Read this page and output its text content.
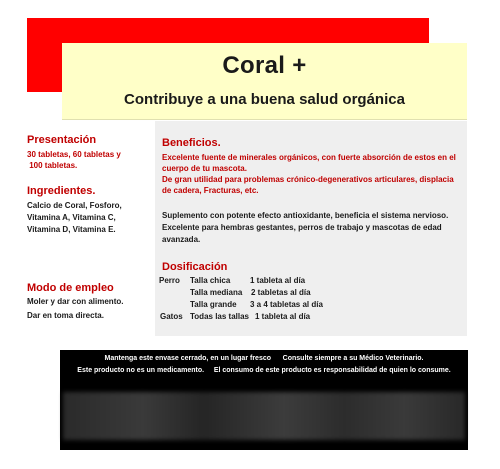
Coral +
Contribuye a una buena salud orgánica
Presentación
30 tabletas, 60 tabletas y
100 tabletas.
Ingredientes.
Calcio de Coral, Fosforo,
Vitamina A, Vitamina C,
Vitamina D, Vitamina E.
Modo de empleo
Moler y dar con alimento.
Dar en toma directa.
Beneficios.
Excelente fuente de minerales orgánicos, con fuerte absorción de estos en el
cuerpo de tu mascota.
De gran utilidad para problemas crónico-degenerativos articulares, displacia
de cadera, Fracturas, etc.
Suplemento con potente efecto antioxidante, beneficia el sistema nervioso.
Excelente para hembras gestantes, perros de trabajo y mascotas de edad
avanzada.
Dosificación
Perro Talla chica 1 tableta al día
Talla mediana 2 tabletas al día
Talla grande 3 a 4 tabletas al día
Gatos Todas las tallas 1 tableta al día
Mantenga este envase cerrado, en un lugar fresco      Consulte siempre a su Médico Veterinario.
Este producto no es un medicamento.     El consumo de este producto es responsabilidad de quien lo consume.
